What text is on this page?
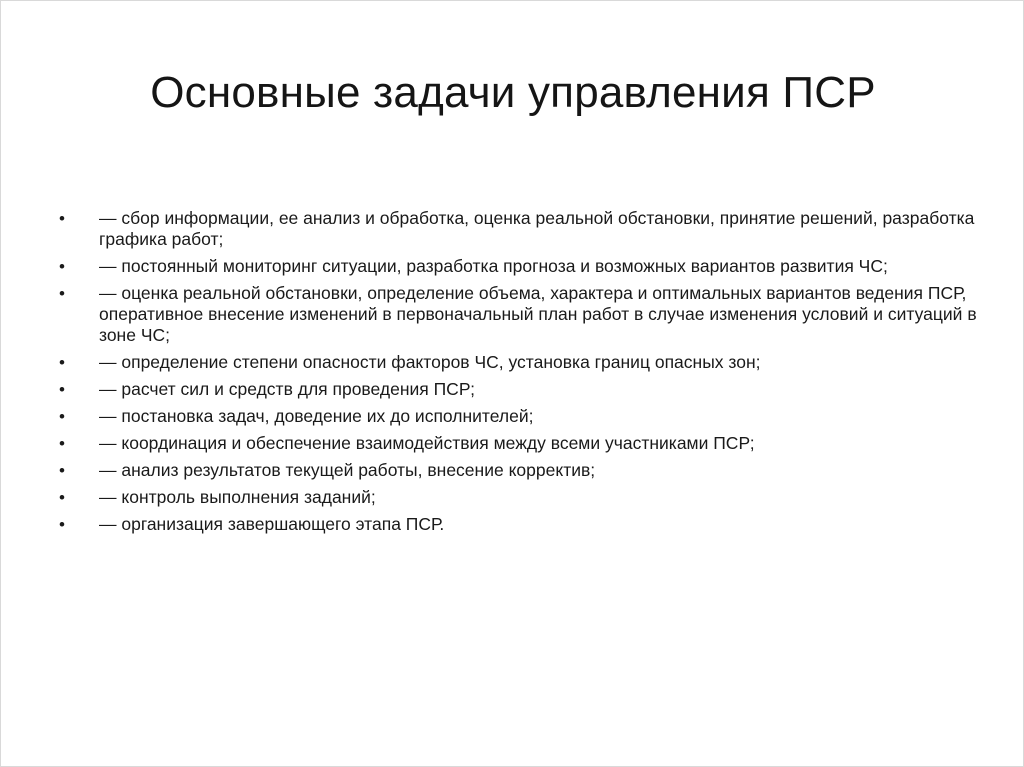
Основные задачи управления ПСР
•	— сбор информации, ее анализ и обработка, оценка реальной обстановки, принятие решений, разработка графика работ;
•	— постоянный мониторинг ситуации, разработка прогноза и возможных вариантов развития ЧС;
•	— оценка реальной обстановки, определение объема, характера и оптимальных вариантов ведения ПСР, оперативное внесение изменений в первоначальный план работ в случае изменения условий и ситуаций в зоне ЧС;
•	— определение степени опасности факторов ЧС, установка границ опасных зон;
•	— расчет сил и средств для проведения ПСР;
•	— постановка задач, доведение их до исполнителей;
•	— координация и обеспечение взаимодействия между всеми участниками ПСР;
•	— анализ результатов текущей работы, внесение корректив;
•	— контроль выполнения заданий;
•	— организация завершающего этапа ПСР.
